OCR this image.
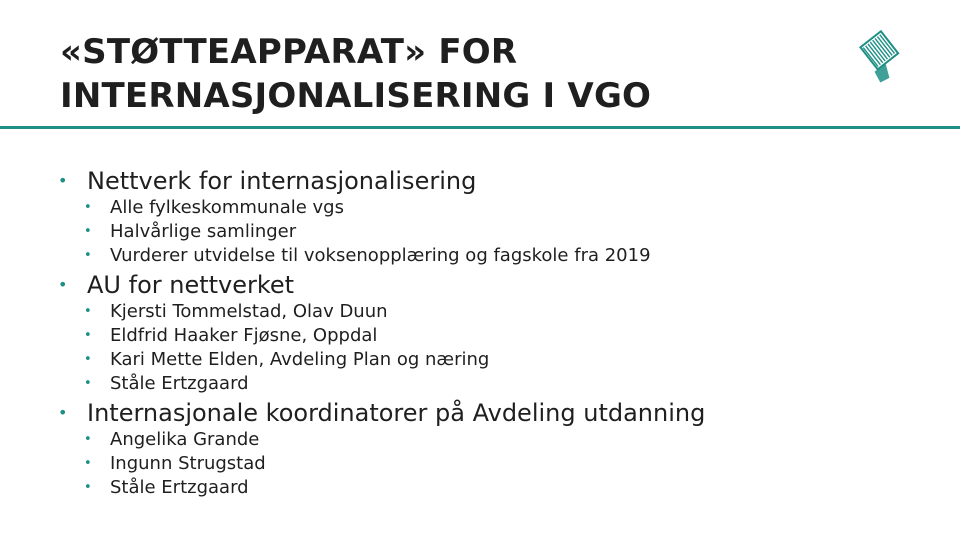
«STØTTEAPPARAT» FOR
INTERNASJONALISERING I VGO
• Nettverk for internasjonalisering
• Alle fylkeskommunale vgs
• Halvårlige samlinger
• Vurderer utvidelse til voksenopplæring og fagskole fra 2019
• AU for nettverket
• Kjersti Tommelstad, Olav Duun
• Eldfrid Haaker Fjøsne, Oppdal
• Kari Mette Elden, Avdeling Plan og næring
• Ståle Ertzgaard
• Internasjonale koordinatorer på Avdeling utdanning
• Angelika Grande
• Ingunn Strugstad
• Ståle Ertzgaard
